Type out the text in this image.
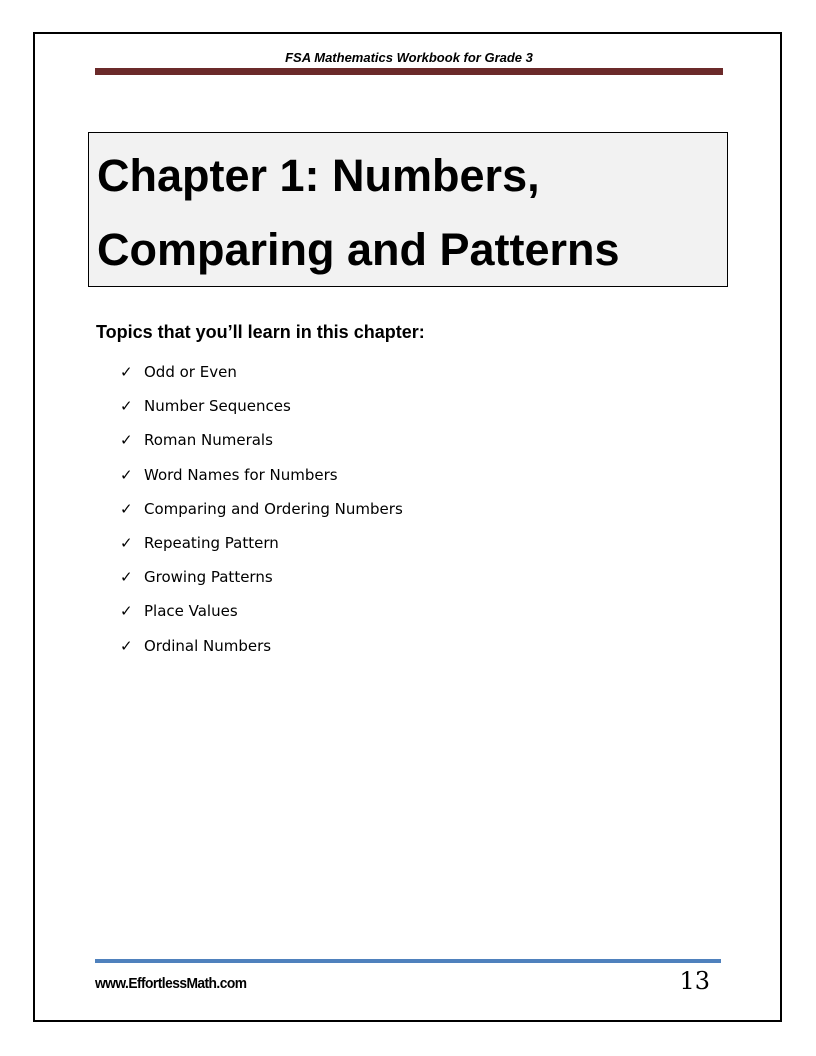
FSA Mathematics Workbook for Grade 3
Chapter 1: Numbers,
Comparing and Patterns
Topics that you’ll learn in this chapter:
✓ Odd or Even
✓ Number Sequences
✓ Roman Numerals
✓ Word Names for Numbers
✓ Comparing and Ordering Numbers
✓ Repeating Pattern
✓ Growing Patterns
✓ Place Values
✓ Ordinal Numbers
www.EffortlessMath.com	13
